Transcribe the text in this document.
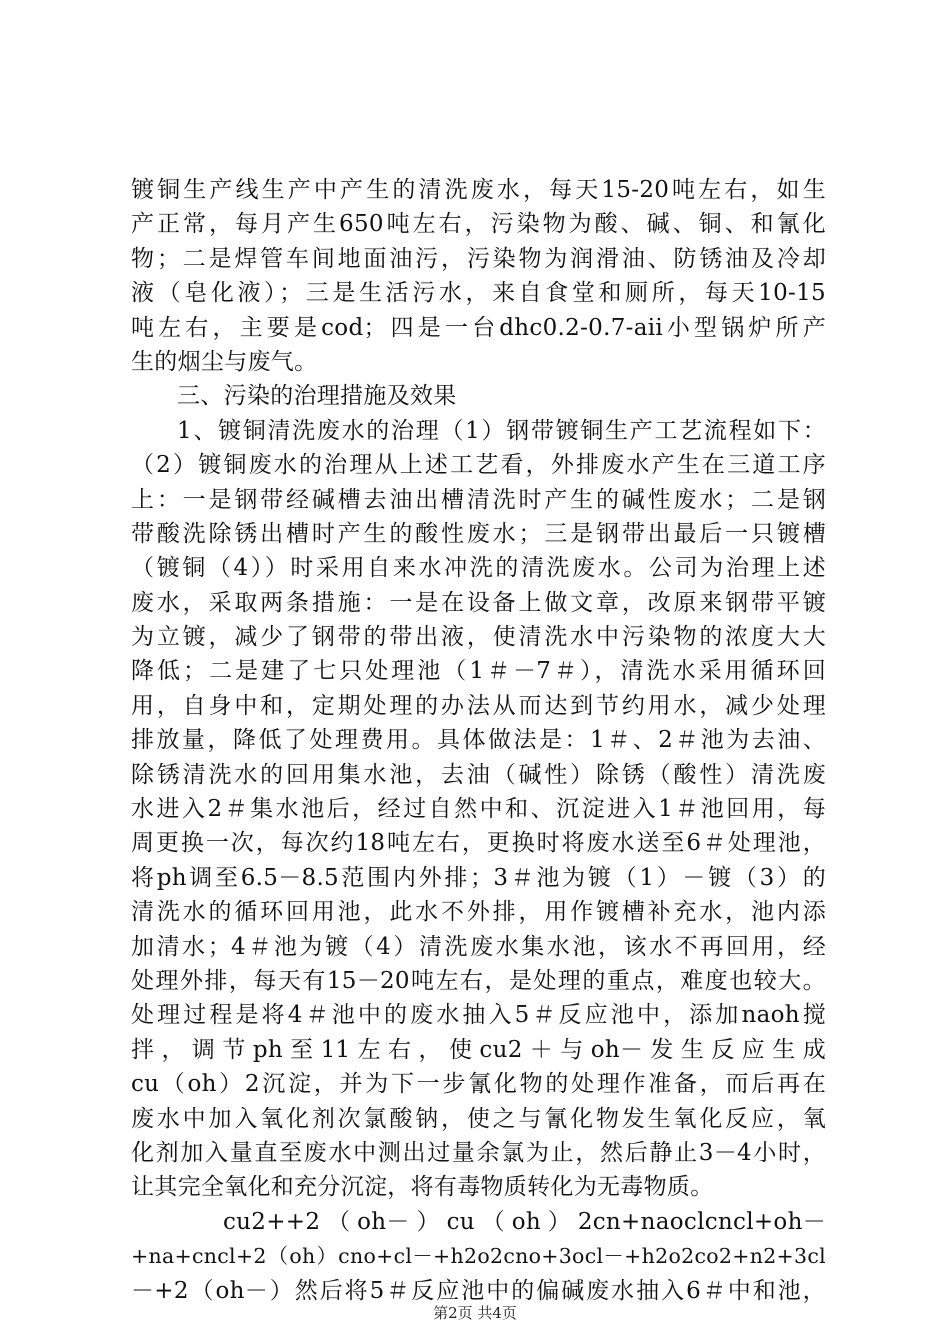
镀铜生产线生产中产生的清洗废水，每天15-20吨左右，如生
产正常，每月产生650吨左右，污染物为酸、碱、铜、和氰化
物；二是焊管车间地面油污，污染物为润滑油、防锈油及冷却
液（皂化液）；三是生活污水，来自食堂和厕所，每天10-15
吨左右，主要是cod；四是一台dhc0.2-0.7-aii小型锅炉所产
生的烟尘与废气。
三、污染的治理措施及效果
1、镀铜清洗废水的治理（1）钢带镀铜生产工艺流程如下：
（2）镀铜废水的治理从上述工艺看，外排废水产生在三道工序
上：一是钢带经碱槽去油出槽清洗时产生的碱性废水；二是钢
带酸洗除锈出槽时产生的酸性废水；三是钢带出最后一只镀槽
（镀铜（4））时采用自来水冲洗的清洗废水。公司为治理上述
废水，采取两条措施：一是在设备上做文章，改原来钢带平镀
为立镀，减少了钢带的带出液，使清洗水中污染物的浓度大大
降低；二是建了七只处理池（1＃－7＃），清洗水采用循环回
用，自身中和，定期处理的办法从而达到节约用水，减少处理
排放量，降低了处理费用。具体做法是：1＃、2＃池为去油、
除锈清洗水的回用集水池，去油（碱性）除锈（酸性）清洗废
水进入2＃集水池后，经过自然中和、沉淀进入1＃池回用，每
周更换一次，每次约18吨左右，更换时将废水送至6＃处理池，
将ph调至6.5－8.5范围内外排；3＃池为镀（1）－镀（3）的
清洗水的循环回用池，此水不外排，用作镀槽补充水，池内添
加清水；4＃池为镀（4）清洗废水集水池，该水不再回用，经
处理外排，每天有15－20吨左右，是处理的重点，难度也较大。
处理过程是将4＃池中的废水抽入5＃反应池中，添加naoh搅
拌，调节ph至11左右，使cu2＋与oh－发生反应生成
cu（oh）2沉淀，并为下一步氰化物的处理作准备，而后再在
废水中加入氧化剂次氯酸钠，使之与氰化物发生氧化反应，氧
化剂加入量直至废水中测出过量余氯为止，然后静止3－4小时，
让其完全氧化和充分沉淀，将有毒物质转化为无毒物质。
cu2++2（oh－）cu（oh）2cn+naoclcncl+oh－
+na+cncl+2（oh）cno+cl－+h2o2cno+3ocl－+h2o2co2+n2+3cl
－+2（oh－）然后将5＃反应池中的偏碱废水抽入6＃中和池，
第2页 共4页
